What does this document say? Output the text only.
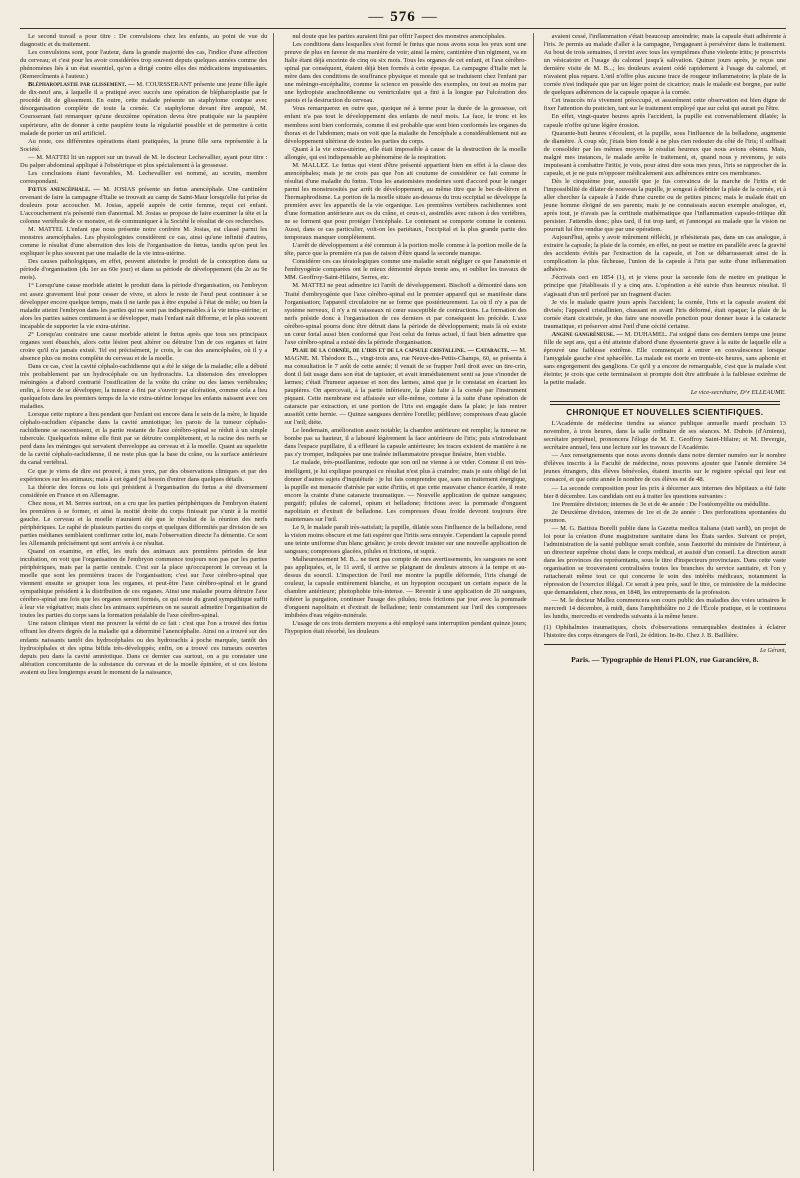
— 576 —

Le second travail a pour titre : De convulsions chez les enfants, au point de vue du diagnostic et du traitement.

Les convulsions sont, pour l'auteur, dans la grande majorité des cas, l'indice d'une affection du cerveau; et c'est pour les avoir considérées trop souvent depuis quelques années comme des phénomènes liés à un état essentiel, qu'on a dirigé contre elles des médications impuissantes. (Remercîments à l'auteur.)

Blépharoplastie par glissement. — M. COURSSERANT présente une jeune fille âgée de dix-neuf ans, à laquelle il a pratiqué avec succès une opération de blépharoplastie par le procédé dit de glissement. En outre, cette malade présente un staphylome conique avec désorganisation complète de toute la cornée. Ce staphylome devant être amputé, M. Coursserant fait remarquer qu'une deuxième opération devra être pratiquée sur la paupière supérieure, afin de donner à cette paupière toute la régularité possible et de permettre à cette malade de porter un œil artificiel.

Au reste, ces différentes opérations étant pratiquées, la jeune fille sera représentée à la Société.

— M. MATTEI lit un rapport sur un travail de M. le docteur Lechevallier, ayant pour titre : Du palper abdominal appliqué à l'obstétrique et plus spécialement à la grossesse.

Les conclusions étant favorables, M. Lechevallier est nommé, au scrutin, membre correspondant.

Fœtus anencéphale. — M. JOSIAS présente un fœtus anencéphale. Une cantinière revenant de faire la campagne d'Italie se trouvait au camp de Saint-Maur lorsqu'elle fut prise de douleurs pour accoucher. M. Josias, appelé auprès de cette femme, reçut cet enfant. L'accouchement n'a présenté rien d'anormal. M. Josias se propose de faire examiner la tête et la colonne vertébrale de ce monstre, et de communiquer à la Société le résultat de ces recherches.

M. MATTEI. L'enfant que nous présente notre confrère M. Josias, est classé parmi les monstres anencéphales. Les physiologistes considèrent ce cas, ainsi qu'une infinité d'autres, comme le résultat d'une aberration des lois de l'organisation du fœtus, tandis qu'on peut les expliquer le plus souvent par une maladie de la vie intra-utérine.

Des causes pathologiques, en effet, peuvent atteindre le produit de la conception dans sa période d'organisation (du 1er au 60e jour) et dans sa période de développement (du 2e au 9e mois).

1° Lorsqu'une cause morbide atteint le produit dans la période d'organisation, ou l'embryon est assez gravement lésé pour cesser de vivre, et alors le reste de l'œuf peut continuer à se développer encore quelque temps, mais il ne tarde pas à être expulsé à l'état de môle; ou bien la maladie atteint l'embryon dans les parties qui ne sont pas indispensables à la vie intra-utérine; et alors les parties saines continuent à se développer, mais l'enfant naît difforme, et le plus souvent incapable de supporter la vie extra-utérine.

2° Lorsqu'au contraire une cause morbide atteint le fœtus après que tous ses principaux organes sont ébauchés, alors cette lésion peut altérer ou détruire l'un de ces organes et faire croire qu'il n'a jamais existé. Tel est précisément, je crois, le cas des anencéphales, où il y a absence plus ou moins complète du cerveau et de la moelle.

Dans ce cas, c'est la cavité céphalo-rachidienne qui a été le siége de la maladie; elle a débuté très probablement par un hydrocéphale ou un hydrorachis. La distension des enveloppes méningées a d'abord contrarié l'ossification de la voûte du crâne ou des lames vertébrales; enfin, à force de se développer, la tumeur a fini par s'ouvrir par ulcération, comme cela a lieu quelquefois dans les premiers temps de la vie extra-utérine lorsque les enfants naissent avec ces maladies.

Lorsque cette rupture a lieu pendant que l'enfant est encore dans le sein de la mère, le liquide céphalo-rachidien s'épanche dans la cavité amniotique; les parois de la tumeur céphalo-rachidienne se racornissent, et la partie restante de l'axe cérébro-spinal se réduit à un simple tubercule. Quelquefois même elle finit par se détruire complètement, et la racine des nerfs se perd dans les méninges qui servaient d'enveloppe au cerveau et à la moelle. Quant au squelette de la cavité céphalo-rachidienne, il ne reste plus que la base du crâne, ou la surface antérieure du canal vertébral.

Ce que je viens de dire est prouvé, à mes yeux, par des observations cliniques et par des expériences sur les animaux; mais à cet égard j'ai besoin d'entrer dans quelques détails.

La théorie des forces ou lois qui président à l'organisation du fœtus a été diversement considérée en France et en Allemagne.

Chez nous, et M. Serres surtout, on a cru que les parties périphériques de l'embryon étaient les premières à se former, et ainsi la moitié droite du corps finissait par s'unir à la moitié gauche. Le cerveau et la moelle n'auraient été que le résultat de la réunion des nerfs périphériques. Le raphé de plusieurs parties du corps et quelques difformités par division de ses parties médianes semblaient confirmer cette loi, mais l'observation directe l'a démentie. Ce sont les Allemands précisément qui sont arrivés à ce résultat.

Quand on examine, en effet, les œufs des animaux aux premières périodes de leur incubation, on voit que l'organisation de l'embryon commence toujours non pas par les parties périphériques, mais par la partie centrale. C'est sur la place qu'occuperont le cerveau et la moelle que sont les premières traces de l'organisation; c'est sur l'axe cérébro-spinal que viennent ensuite se grouper tous les organes, et peut-être l'axe cérébro-spinal et le grand sympathique président à la distribution de ces organes. Ainsi une maladie pourra détruire l'axe cérébro-spinal une fois que les organes seront formés, ce qui reste du grand sympathique suffit à leur vie végétative; mais chez les animaux supérieurs on ne saurait admettre l'organisation de toutes les parties du corps sans la formation préalable de l'axe cérébro-spinal.

Une raison clinique vient me prouver la vérité de ce fait : c'est que l'on a trouvé des fœtus offrant les divers degrés de la maladie qui a déterminé l'anencéphalie. Ainsi on a trouvé sur des enfants naissants tantôt des hydrocéphales ou des hydrorachis à poche marquée, tantôt des hydrocéphales et des spina bifida très-développés; enfin, on a trouvé ces tumeurs ouvertes depuis peu dans la cavité amniotique. Dans ce dernier cas surtout, on a pu constater une altération concomitante de la substance du cerveau et de la moelle épinière, et si ces lésions avaient eu lieu longtemps avant le moment de la naissance,

nul doute que les parties auraient fini par offrir l'aspect des monstres anencéphales.

Les conditions dans lesquelles s'est formé le fœtus que nous avons sous les yeux sont une preuve de plus en faveur de ma manière de voir; ainsi la mère, cantinière d'un régiment, va en Italie étant déjà enceinte de cinq ou six mois. Tous les organes de cet enfant, et l'axe cérébro-spinal par conséquent, étaient déjà bien formés à cette époque. La campagne d'Italie met la mère dans des conditions de souffrance physique et morale qui se traduisent chez l'enfant par une méningo-encéphalite, comme la science en possède des exemples, ou tout au moins par une hydropisie arachnoïdienne ou ventriculaire qui a fini à la longue par l'ulcération des parois et la destruction du cerveau.

Vous remarquerez en outre que, quoique né à terme pour la durée de la grossesse, cet enfant n'a pas tout le développement des enfants de neuf mois. La face, le tronc et les membres sont bien conformés, comme il est probable que sont bien conformés les organes du thorax et de l'abdomen; mais on voit que la maladie de l'encéphale a considérablement nui au développement ultérieur de toutes les parties du corps.

Quant à la vie extra-utérine, elle était impossible à cause de la destruction de la moelle allongée, qui est indispensable au phénomène de la respiration.

M. MALLEZ. Le fœtus qui vient d'être présenté appartient bien en effet à la classe des anencéphales; mais je ne crois pas que l'on ait coutume de considérer ce fait comme le résultat d'une maladie du fœtus. Tous les anatomistes modernes sont d'accord pour le ranger parmi les monstruosités par arrêt de développement, au même titre que le bec-de-lièvre et l'hermaphrodisme. La portion de la moelle située au-dessous du trou occipital se développe la première avec les appareils de la vie organique. Les premières vertèbres rachidiennes sont d'une formation antérieure aux os du crâne, et ceux-ci, assimilés avec raison à des vertèbres, ne se forment que pour protéger l'encéphale. Le contenant se comporte comme le contenu. Aussi, dans ce cas particulier, voit-on les pariétaux, l'occipital et la plus grande partie des temporaux manquer complétement.

L'arrêt de développement a été commun à la portion molle comme à la portion molle de la tête, parce que la première n'a pas de raison d'être quand la seconde manque.

Considérer ces cas tératologiques comme une maladie serait négliger ce que l'anatomie et l'embryogénie comparées ont le mieux démontré depuis trente ans, et oublier les travaux de MM. Geoffroy-Saint-Hilaire, Serres, etc.

M. MATTEI ne peut admettre ici l'arrêt de développement. Bischoff a démontré dans son Traité d'embryogénie que l'axe cérébro-spinal est le premier appareil qui se manifeste dans l'organisation; l'appareil circulatoire ne se forme que postérieurement. La où il n'y a pas de système nerveux, il n'y a ni vaisseaux ni cœur susceptible de contractions. La formation des nerfs préside donc à l'organisation de ces derniers et par conséquent les précède. L'axe cérébro-spinal pourra donc être détruit dans la période de développement; mais là où existe un cœur fœtal aussi bien conformé que l'est celui du fœtus actuel, il faut bien admettre que l'axe cérébro-spinal a existé dès la période d'organisation.

Plaie de la cornée, de l'iris et de la capsule cristalline. — Cataracte. — M. MAGNE. M. Théodore B..., vingt-trois ans, rue Neuve-des-Petits-Champs, 60, se présenta à ma consultation le 7 août de cette année; il venait de se frapper l'œil droit avec un tire-crin, dont il fait usage dans son état de tapissier, et avait immédiatement senti sa joue s'inonder de larmes; c'était l'humeur aqueuse et non des larmes, ainsi que je le constatai en écartant les paupières. On apercevait, à la partie inférieure, la plaie faite à la cornée par l'instrument piquant. Cette membrane est affaissée sur elle-même, comme à la suite d'une opération de cataracte par extraction, et une portion de l'iris est engagée dans la plaie; je fais rentrer aussitôt cette hernie. — Quinze sangsues derrière l'oreille; pédiluve; compresses d'eau glacée sur l'œil; diète.

Le lendemain, amélioration assez notable; la chambre antérieure est remplie; la tumeur ne bombe pas sa hauteur, il a labouré légèrement la face antérieure de l'iris; puis s'introduisant dans l'espace pupillaire, il a effleuré la capsule antérieure; les traces existent de manière à ne pas s'y tromper, indiquées par une traînée inflammatoire presque linéaire, bien visible.

Le malade, très-pusillanime, redoute que son œil ne vienne à se vider. Comme il est très-intelligent, je lui explique pourquoi ce résultat n'est plus à craindre; mais je suis obligé de lui donner d'autres sujets d'inquiétude : je lui fais comprendre que, sans un traitement énergique, la pupille est menacée d'atrésie par suite d'iritis, et que cette mauvaise chance écartée, il reste encore la crainte d'une cataracte traumatique. — Nouvelle application de quinze sangsues; purgatif; pilules de calomel, opium et belladone; frictions avec la pommade d'onguent napolitain et d'extrait de belladone. Les compresses d'eau froide devront toujours être maintenues sur l'œil.

Le 9, le malade paraît très-satisfait; la pupille, dilatée sous l'influence de la belladone, rend la vision moins obscure et me fait espérer que l'iritis sera enrayée. Cependant la capsule prend une teinte uniforme d'un blanc grisâtre; je crois devoir insister sur une nouvelle application de sangsues; compresses glacées, pilules et frictions, ut suprà.

Malheureusement M. B... ne tient pas compte de mes avertissements, les sangsues ne sont pas appliquées, et, le 11 avril, il arrive se plaignant de douleurs atroces à la tempe et au-dessus du sourcil. L'inspection de l'œil me montre la pupille déformée, l'iris changé de couleur, la capsule entièrement blanche, et un hypopion occupant un certain espace de la chambre antérieure; photophobie très-intense. — Revenir à une application de 20 sangsues, réitérer la purgation, continuer l'usage des pilules; trois frictions par jour avec la pommade d'onguent napolitain et d'extrait de belladone; tenir constamment sur l'œil des compresses imbibées d'eau végéto-minérale.

L'usage de ces trois derniers moyens a été employé sans interruption pendant quinze jours; l'hypopion était résorbé, les douleurs

avaient cessé, l'inflammation s'était beaucoup amoindrie; mais la capsule était adhérente à l'iris. Je permis au malade d'aller à la campagne, l'engageant à persévérer dans le traitement. Au bout de trois semaines, il revint avec tous les symptômes d'une violente iritis; je prescrivis un vésicatoire et l'usage du calomel jusqu'à salivation. Quinze jours après, je reçus une dernière visite de M. B...; les douleurs avaient cédé rapidement à l'usage du calomel, et n'avaient plus reparu. L'œil n'offre plus aucune trace de rougeur inflammatoire; la plaie de la cornée n'est indiquée que par un léger point de cicatrice; mais le malade est borgne, par suite de quelques adhérences de la capsule opaque à la cornée.

Cet insuccès m'a vivement préoccupé, et assurément cette observation est bien digne de fixer l'attention du praticien, tant sur le traitement employé que sur celui qui aurait pu l'être.

En effet, vingt-quatre heures après l'accident, la pupille est convenablement dilatée; la capsule n'offre qu'une légère érosion.

Quarante-huit heures s'écoulent, et la pupille, sous l'influence de la belladone, augmente de diamètre. À coup sûr, j'étais bien fondé à ne plus rien redouter du côté de l'iris; il suffisait de consolider par les mêmes moyens le résultat heureux que nous avions obtenu. Mais, malgré mes instances, le malade arrête le traitement, et, quand nous y revenons, je suis impuissant à combattre l'iritis; je vois, pour ainsi dire sous mes yeux, l'iris se rapprocher de la capsule, et je ne puis m'opposer médicalement aux adhérences entre ces membranes.

Dès le cinquième jour, aussitôt que je fus convaincu de la marche de l'iritis et de l'impossibilité de dilater de nouveau la pupille, je songeai à débrider la plaie de la cornée, et à aller chercher la capsule à l'aide d'une curette ou de petites pinces; mais le malade était un jeune homme éloigné de ses parents; mais je ne connaissais aucun exemple analogue, et, après tout, je n'avais pas la certitude mathématique que l'inflammation capsulo-iritique dût persister. J'attendis donc; plus tard, il fut trop tard, et j'annonçai au malade que la vision ne pourrait lui être rendue que par une opération.

Aujourd'hui, après y avoir mûrement réfléchi, je n'hésiterais pas, dans un cas analogue, à extraire la capsule; la plaie de la cornée, en effet, ne peut se mettre en parallèle avec la gravité des accidents évités par l'extraction de la capsule, et l'on se débarrasserait ainsi de la complication la plus fâcheuse, l'union de la capsule à l'iris par suite d'une inflammation adhésive.

J'écrivais ceci en 1854 (1), et je viens pour la seconde fois de mettre en pratique le principe que j'établissais il y a cinq ans. L'opération a été suivie d'un heureux résultat. Il s'agissait d'un œil perforé par un fragment d'acier.

Je vis le malade quatre jours après l'accident; la cornée, l'iris et la capsule avaient été divisés; l'appareil cristallinien, chassant en avant l'iris déformé, était opaque; la plaie de la cornée étant cicatrisée, je dus faire une nouvelle ponction pour donner issue à la cataracte traumatique, et préserver ainsi l'œil d'une cécité certaine.

Angine gangréneuse. — M. DUHAMEL. J'ai soigné dans ces derniers temps une jeune fille de sept ans, qui a été atteinte d'abord d'une dyssenterie grave à la suite de laquelle elle a éprouvé une faiblesse extrême. Elle commençait à entrer en convalescence lorsque l'amygdale gauche s'est sphacélée. La malade est morte en trente-six heures, sans aphonie et sans engorgement des ganglions. Ce qu'il y a encore de remarquable, c'est que la malade s'est éteinte; je crois que cette terminaison si prompte doit être attribuée à la faiblesse extrême de la petite malade.

Le vice-secrétaire, D^r ELLEAUME.

CHRONIQUE ET NOUVELLES SCIENTIFIQUES.

L'Académie de médecine tiendra sa séance publique annuelle mardi prochain 13 novembre, à trois heures, dans la salle ordinaire de ses séances. M. Dubois (d'Amiens), secrétaire perpétuel, prononcera l'éloge de M. E. Geoffroy Saint-Hilaire; et M. Devergie, secrétaire annuel, fera une lecture sur les travaux de l'Académie.

— Aux renseignements que nous avons donnés dans notre dernier numéro sur le nombre d'élèves inscrits à la Faculté de médecine, nous pouvons ajouter que l'année dernière 34 jeunes étrangers, dits élèves bénévoles, étaient inscrits sur le registre spécial qui leur est consacré, et que cette année le nombre de ces élèves est de 48.

— La seconde composition pour les prix à décerner aux internes des hôpitaux a été faite hier 8 décembre. Les candidats ont eu à traiter les questions suivantes :

1re Première division; internes de 3e et de 4e année : De l'ostéomyélite ou médullite.

2e Deuxième division, internes de 1re et de 2e année : Des perforations spontanées du poumon.

— M. G. Battista Borelli publie dans la Gazetta medica italiana (stati sardi), un projet de loi pour la création d'une magistrature sanitaire dans les États sardes. Suivant ce projet, l'administration de la santé publique serait confiée, sous l'autorité du ministre de l'intérieur, à un directeur suprême choisi dans le corps médical, et assisté d'un conseil. La direction aurait dans les provinces des représentants, sous le titre d'inspecteurs provinciaux. Dans cette vaste organisation se trouveraient centralisées toutes les branches du service sanitaire, et l'on y rattacherait même tout ce qui concerne le soin des intérêts médicaux, notamment la répression de l'exercice illégal. Ce serait à peu près, sauf le titre, ce ministère de la médecine que demandaient, chez nous, en 1848, les entreprenants de la profession.

— M. le docteur Mallez commencera son cours public des maladies des voies urinaires le mercredi 14 décembre, à midi, dans l'amphithéâtre no 2 de l'École pratique, et le continuera les lundis, mercredis et vendredis suivants à la même heure.

(1) Ophthalmies traumatiques, choix d'observations remarquables destinées à éclairer l'histoire des corps étrangers de l'œil, 2e édition. In-8o. Chez J. B. Baillière.

Le Gérant,
Paris. — Typographie de Henri PLON, rue Garancière, 8.
